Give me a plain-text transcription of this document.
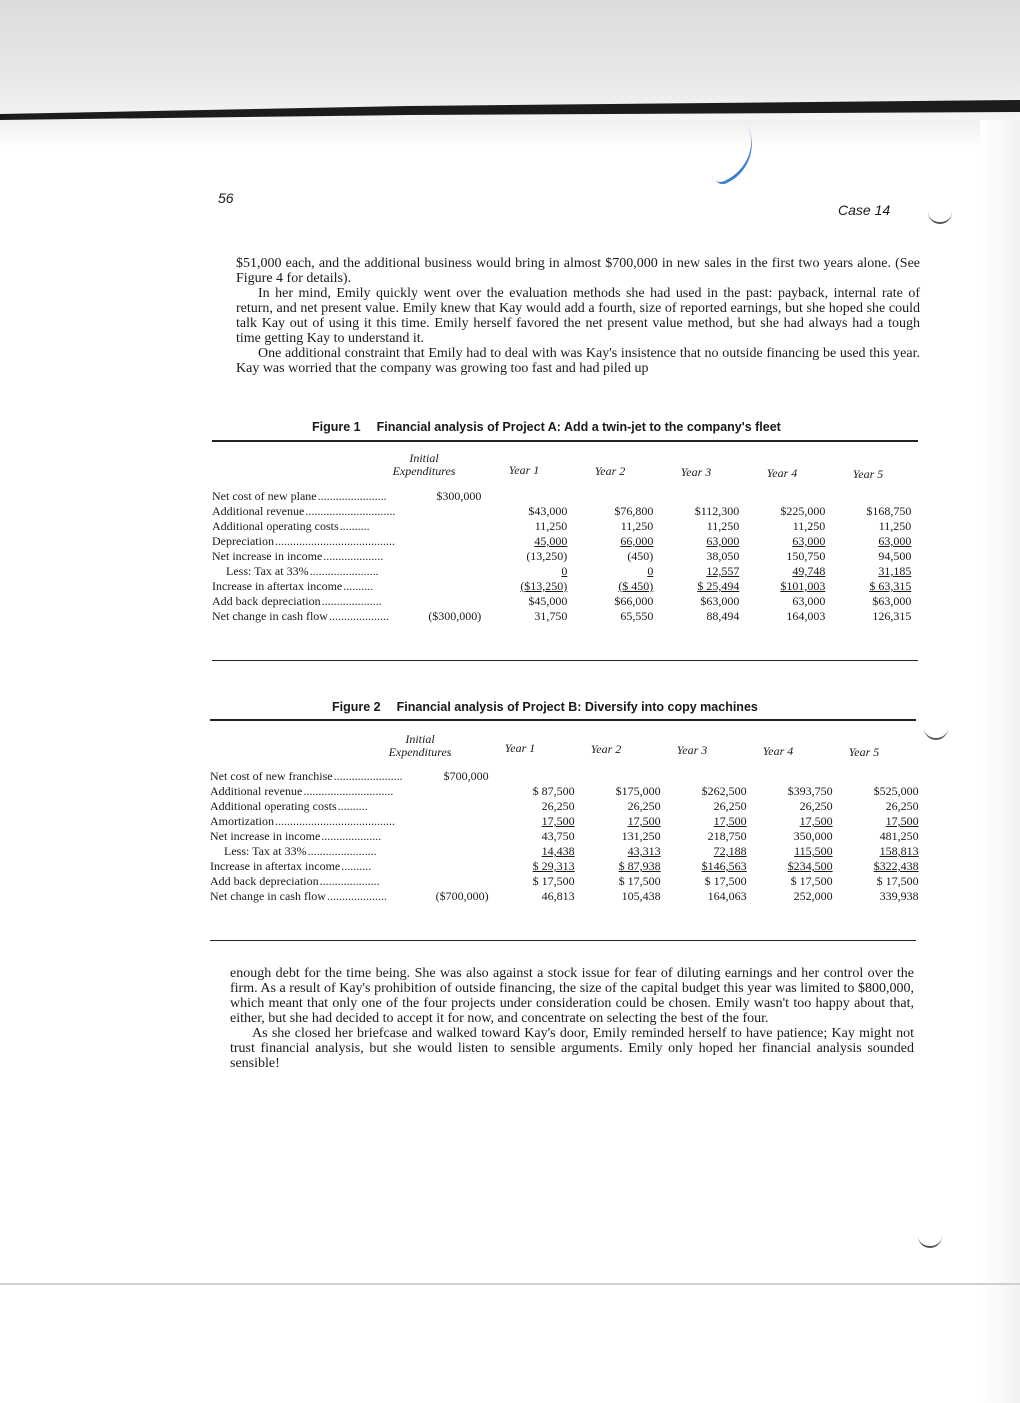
56
Case 14

$51,000 each, and the additional business would bring in almost $700,000 in new sales in the first two years alone. (See Figure 4 for details).

In her mind, Emily quickly went over the evaluation methods she had used in the past: payback, internal rate of return, and net present value. Emily knew that Kay would add a fourth, size of reported earnings, but she hoped she could talk Kay out of using it this time. Emily herself favored the net present value method, but she had always had a tough time getting Kay to understand it.

One additional constraint that Emily had to deal with was Kay's insistence that no outside financing be used this year. Kay was worried that the company was growing too fast and had piled up

Figure 1 Financial analysis of Project A: Add a twin-jet to the company's fleet
Initial
Expenditures	Year 1	Year 2	Year 3	Year 4	Year 5
Net cost of new plane.......................	$300,000					
Additional revenue..............................		$43,000	$76,800	$112,300	$225,000	$168,750
Additional operating costs..........		11,250	11,250	11,250	11,250	11,250
Depreciation........................................		45,000	66,000	63,000	63,000	63,000
Net increase in income....................		(13,250)	(450)	38,050	150,750	94,500
Less: Tax at 33%.......................		0	0	12,557	49,748	31,185
Increase in aftertax income..........		($13,250)	($ 450)	$ 25,494	$101,003	$ 63,315
Add back depreciation....................		$45,000	$66,000	$63,000	63,000	$63,000
Net change in cash flow....................	($300,000)	31,750	65,550	88,494	164,003	126,315
Figure 2 Financial analysis of Project B: Diversify into copy machines
Initial
Expenditures	Year 1	Year 2	Year 3	Year 4	Year 5
Net cost of new franchise.......................	$700,000					
Additional revenue..............................		$ 87,500	$175,000	$262,500	$393,750	$525,000
Additional operating costs..........		26,250	26,250	26,250	26,250	26,250
Amortization........................................		17,500	17,500	17,500	17,500	17,500
Net increase in income....................		43,750	131,250	218,750	350,000	481,250
Less: Tax at 33%.......................		14,438	43,313	72,188	115,500	158,813
Increase in aftertax income..........		$ 29,313	$ 87,938	$146,563	$234,500	$322,438
Add back depreciation....................		$ 17,500	$ 17,500	$ 17,500	$ 17,500	$ 17,500
Net change in cash flow....................	($700,000)	46,813	105,438	164,063	252,000	339,938

enough debt for the time being. She was also against a stock issue for fear of diluting earnings and her control over the firm. As a result of Kay's prohibition of outside financing, the size of the capital budget this year was limited to $800,000, which meant that only one of the four projects under consideration could be chosen. Emily wasn't too happy about that, either, but she had decided to accept it for now, and concentrate on selecting the best of the four.

As she closed her briefcase and walked toward Kay's door, Emily reminded herself to have patience; Kay might not trust financial analysis, but she would listen to sensible arguments. Emily only hoped her financial analysis sounded sensible!
